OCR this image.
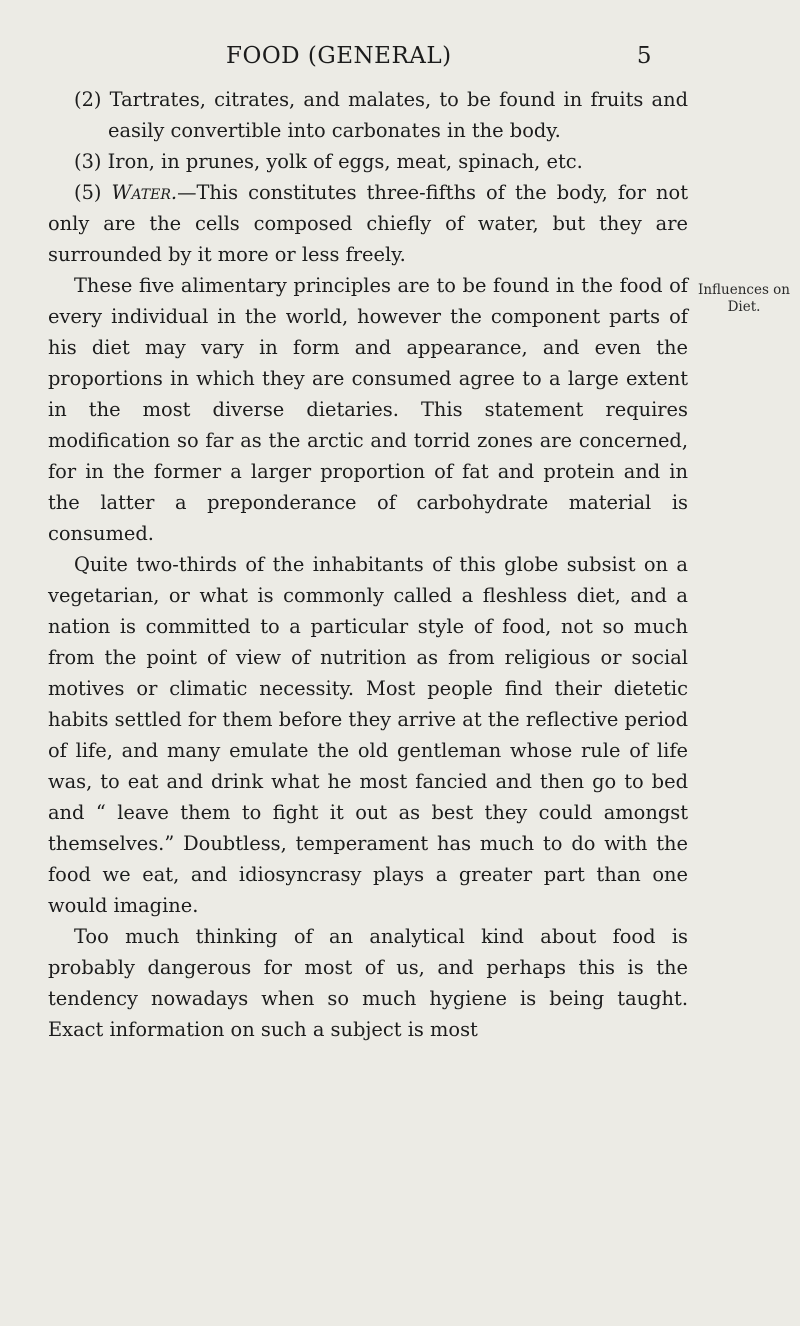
FOOD (GENERAL)	5
Influences on Diet.

(2) Tartrates, citrates, and malates, to be found in fruits and easily convertible into carbonates in the body.

(3) Iron, in prunes, yolk of eggs, meat, spinach, etc.

(5) Water.—This constitutes three-fifths of the body, for not only are the cells composed chiefly of water, but they are surrounded by it more or less freely.

These five alimentary principles are to be found in the food of every individual in the world, however the component parts of his diet may vary in form and appearance, and even the proportions in which they are consumed agree to a large extent in the most diverse dietaries. This statement requires modification so far as the arctic and torrid zones are concerned, for in the former a larger proportion of fat and protein and in the latter a preponderance of carbohydrate material is consumed.

Quite two-thirds of the inhabitants of this globe subsist on a vegetarian, or what is commonly called a fleshless diet, and a nation is committed to a particular style of food, not so much from the point of view of nutrition as from religious or social motives or climatic necessity. Most people find their dietetic habits settled for them before they arrive at the reflective period of life, and many emulate the old gentleman whose rule of life was, to eat and drink what he most fancied and then go to bed and “ leave them to fight it out as best they could amongst themselves.” Doubtless, temperament has much to do with the food we eat, and idiosyncrasy plays a greater part than one would imagine.

Too much thinking of an analytical kind about food is probably dangerous for most of us, and perhaps this is the tendency nowadays when so much hygiene is being taught. Exact information on such a subject is most
